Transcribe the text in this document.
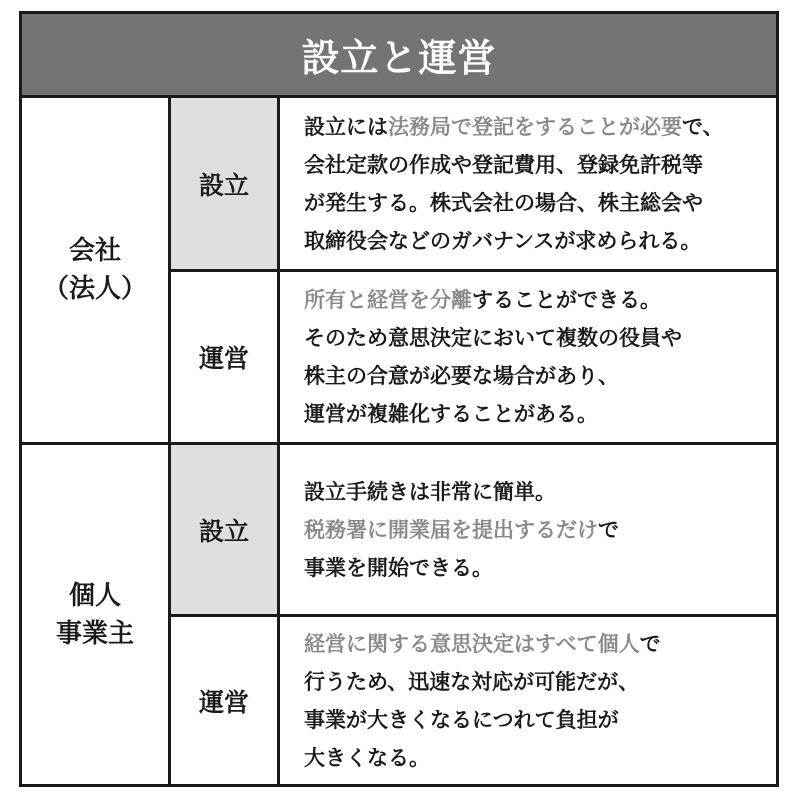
設立と運営
会社
（法人）
設立
設立には法務局で登記をすることが必要で、
会社定款の作成や登記費用、登録免許税等
が発生する。株式会社の場合、株主総会や
取締役会などのガバナンスが求められる。
運営
所有と経営を分離することができる。
そのため意思決定において複数の役員や
株主の合意が必要な場合があり、
運営が複雑化することがある。
個人
事業主
設立
設立手続きは非常に簡単。
税務署に開業届を提出するだけで
事業を開始できる。
運営
経営に関する意思決定はすべて個人で
行うため、迅速な対応が可能だが、
事業が大きくなるにつれて負担が
大きくなる。
